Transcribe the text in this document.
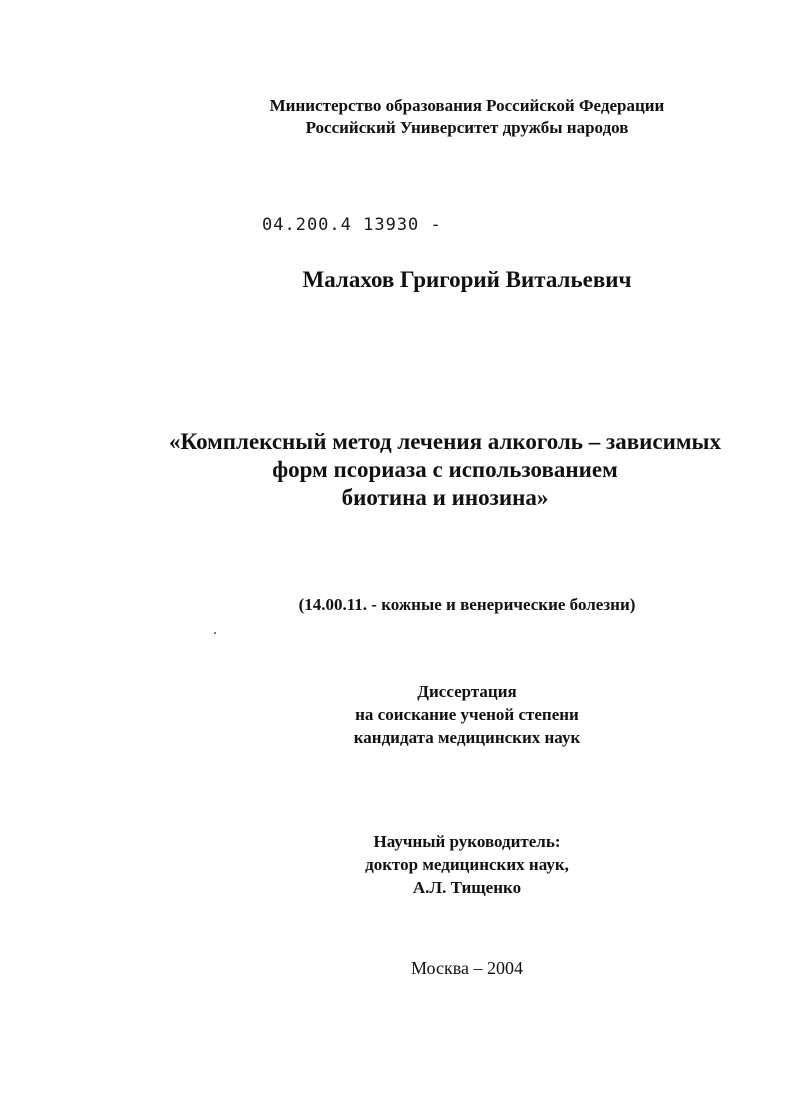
Министерство образования Российской Федерации
Российский Университет дружбы народов
04.200.4 13930 -
Малахов Григорий Витальевич
«Комплексный метод лечения алкоголь – зависимых
форм псориаза с использованием
биотина и инозина»
(14.00.11. - кожные и венерические болезни)
Диссертация
на соискание ученой степени
кандидата медицинских наук
Научный руководитель:
доктор медицинских наук,
А.Л. Тищенко
Москва – 2004
